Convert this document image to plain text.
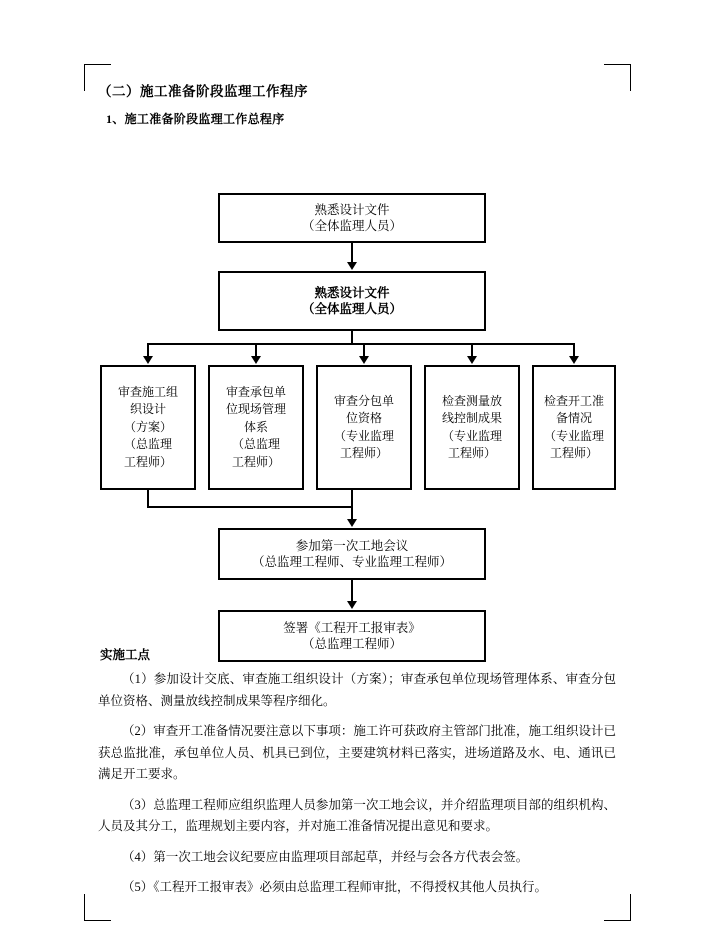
（二）施工准备阶段监理工作程序
1、施工准备阶段监理工作总程序
熟悉设计文件
（全体监理人员）
熟悉设计文件
（全体监理人员）
审查施工组
织设计
（方案）
（总监理
工程师）
审查承包单
位现场管理
体系
（总监理
工程师）
审查分包单
位资格
（专业监理
工程师）
检查测量放
线控制成果
（专业监理
工程师）
检查开工准
备情况
（专业监理
工程师）
参加第一次工地会议
（总监理工程师、专业监理工程师）
签署《工程开工报审表》
（总监理工程师）
实施工点

（1）参加设计交底、审查施工组织设计（方案）；审查承包单位现场管理体系、审查分包单位资格、测量放线控制成果等程序细化。

（2）审查开工准备情况要注意以下事项：施工许可获政府主管部门批准，施工组织设计已获总监批准，承包单位人员、机具已到位，主要建筑材料已落实，进场道路及水、电、通讯已满足开工要求。

（3）总监理工程师应组织监理人员参加第一次工地会议，并介绍监理项目部的组织机构、人员及其分工，监理规划主要内容，并对施工准备情况提出意见和要求。

（4）第一次工地会议纪要应由监理项目部起草，并经与会各方代表会签。

（5）《工程开工报审表》必须由总监理工程师审批，不得授权其他人员执行。
